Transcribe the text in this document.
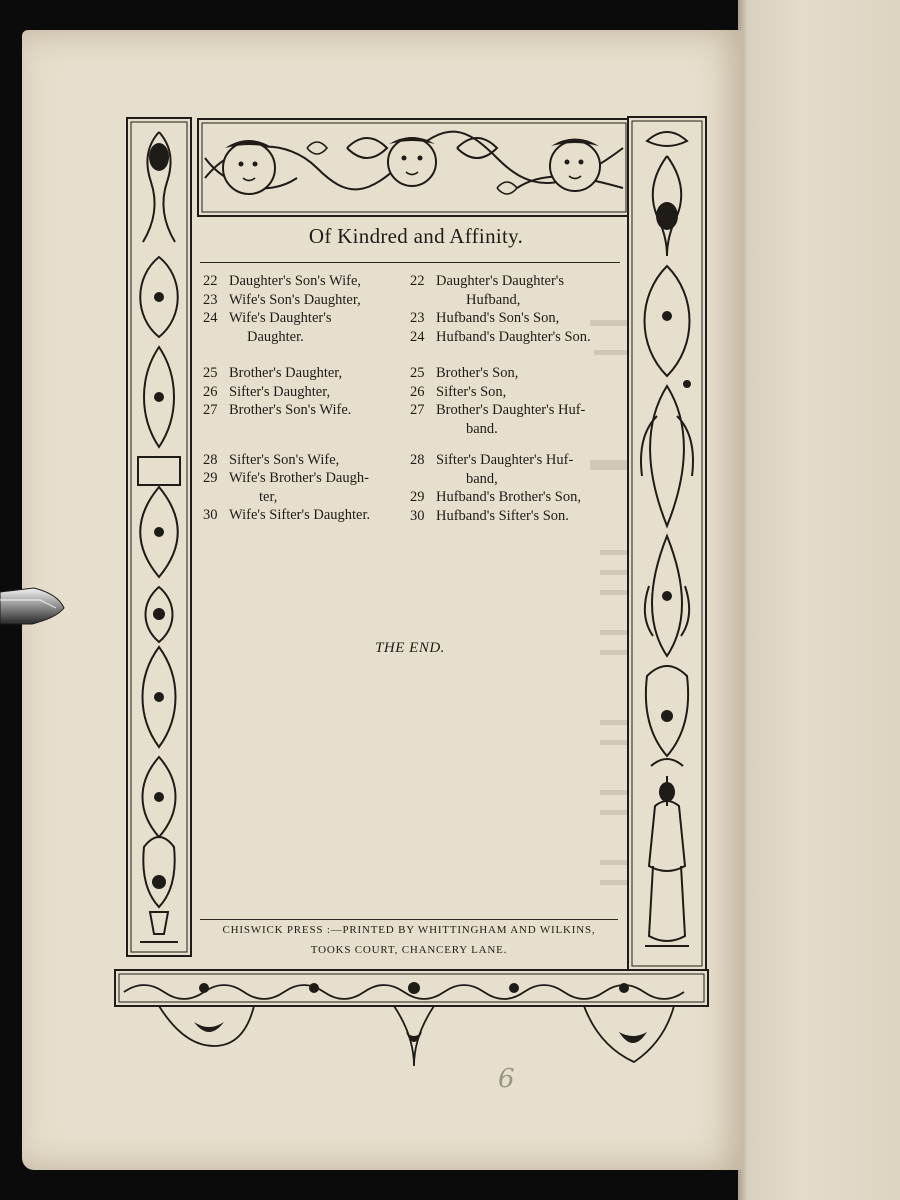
Of Kindred and Affinity.
22 Daughter's Son's Wife,
23 Wife's Son's Daughter,
24 Wife's Daughter's
Daughter.
25 Brother's Daughter,
26 Sifter's Daughter,
27 Brother's Son's Wife.
28 Sifter's Son's Wife,
29 Wife's Brother's Daugh-
ter,
30 Wife's Sifter's Daughter.
22 Daughter's Daughter's
Hufband,
23 Hufband's Son's Son,
24 Hufband's Daughter's Son.
25 Brother's Son,
26 Sifter's Son,
27 Brother's Daughter's Huf-
band.
28 Sifter's Daughter's Huf-
band,
29 Hufband's Brother's Son,
30 Hufband's Sifter's Son.
THE END.
CHISWICK PRESS :—PRINTED BY WHITTINGHAM AND WILKINS,
TOOKS COURT, CHANCERY LANE.
6
